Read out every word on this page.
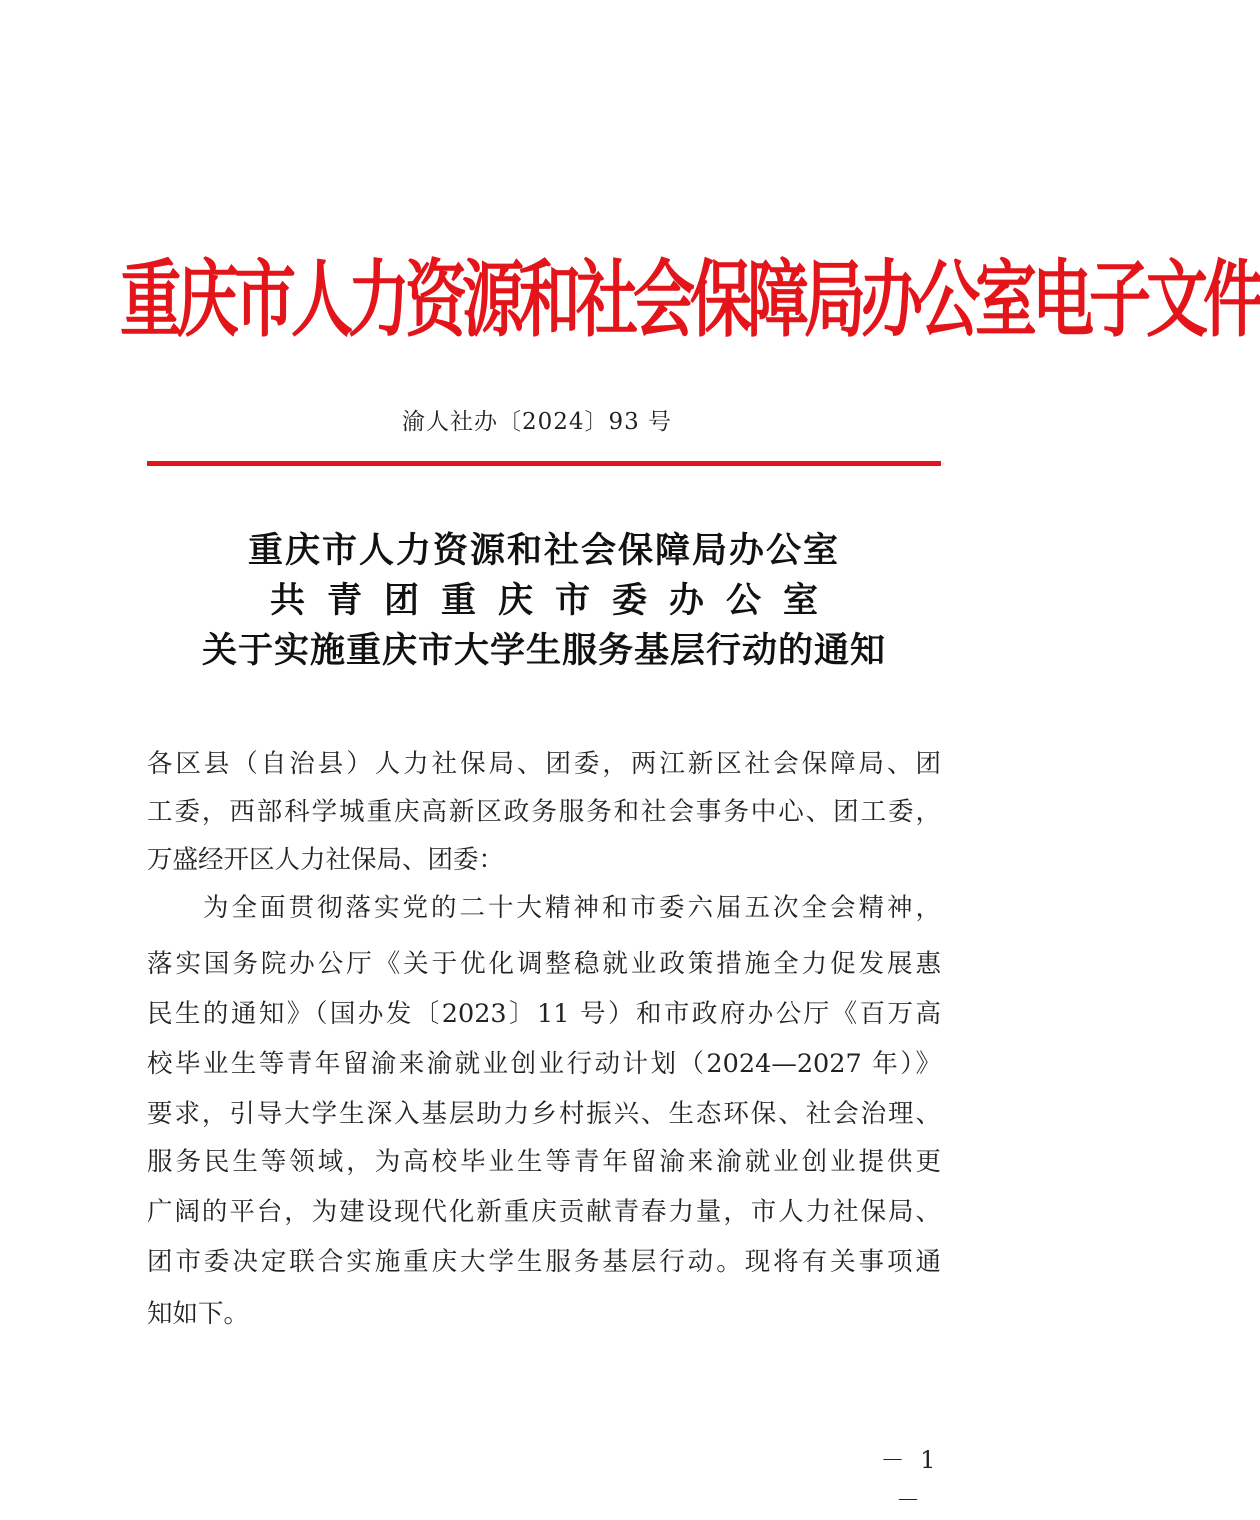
重庆市人力资源和社会保障局办公室电子文件
渝人社办〔2024〕93 号
重庆市人力资源和社会保障局办公室
共青团重庆市委办公室
关于实施重庆市大学生服务基层行动的通知
各区县（自治县）人力社保局、团委，两江新区社会保障局、团
工委，西部科学城重庆高新区政务服务和社会事务中心、团工委，
万盛经开区人力社保局、团委：
为全面贯彻落实党的二十大精神和市委六届五次全会精神，
落实国务院办公厅《关于优化调整稳就业政策措施全力促发展惠
民生的通知》（国办发〔2023〕11 号）和市政府办公厅《百万高
校毕业生等青年留渝来渝就业创业行动计划（2024—2027 年）》
要求，引导大学生深入基层助力乡村振兴、生态环保、社会治理、
服务民生等领域，为高校毕业生等青年留渝来渝就业创业提供更
广阔的平台，为建设现代化新重庆贡献青春力量，市人力社保局、
团市委决定联合实施重庆大学生服务基层行动。现将有关事项通
知如下。
－ 1 －
